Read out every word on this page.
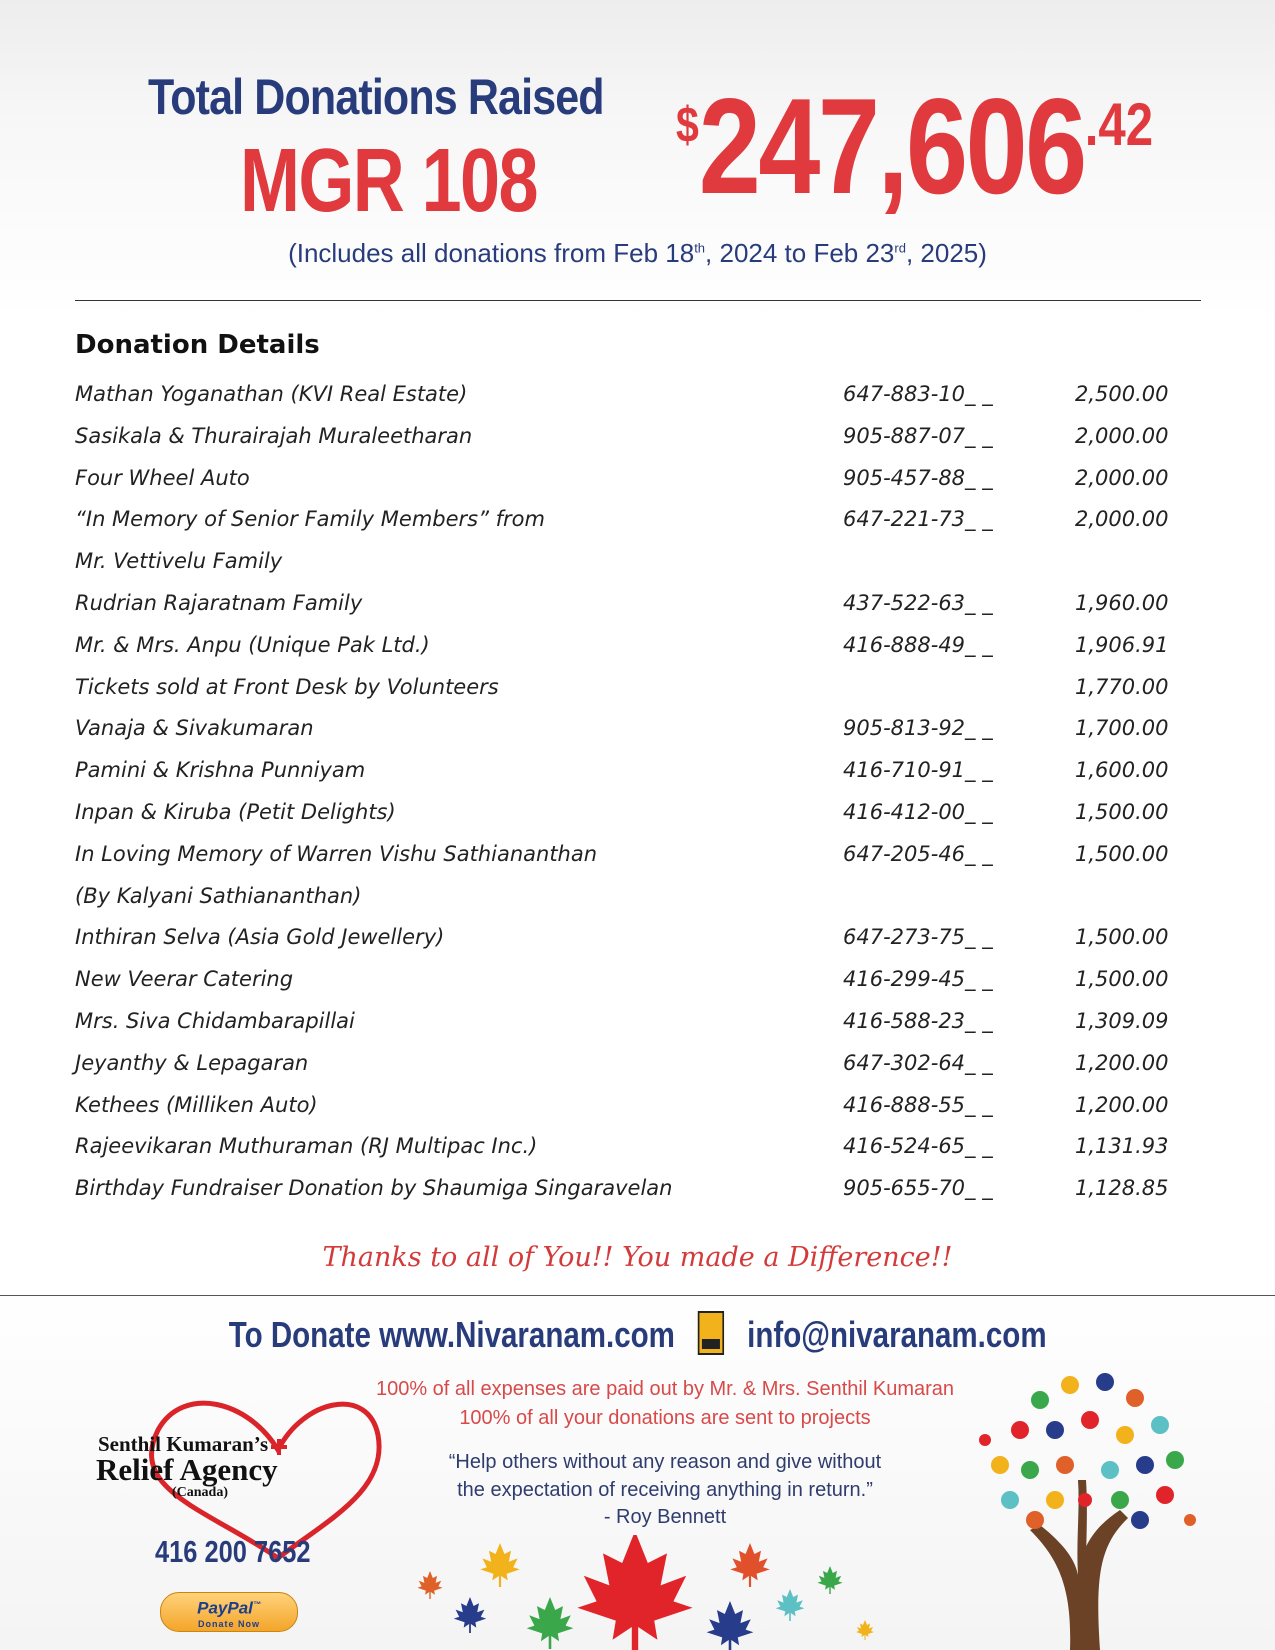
Total Donations Raised
MGR 108
$247,606.42
(Includes all donations from Feb 18th, 2024 to Feb 23rd, 2025)
Donation Details
Mathan Yoganathan (KVI Real Estate)	647-883-10_ _	2,500.00
Sasikala & Thurairajah Muraleetharan	905-887-07_ _	2,000.00
Four Wheel Auto	905-457-88_ _	2,000.00
“In Memory of Senior Family Members” from	647-221-73_ _	2,000.00
Mr. Vettivelu Family
Rudrian Rajaratnam Family	437-522-63_ _	1,960.00
Mr. & Mrs. Anpu (Unique Pak Ltd.)	416-888-49_ _	1,906.91
Tickets sold at Front Desk by Volunteers	1,770.00
Vanaja & Sivakumaran	905-813-92_ _	1,700.00
Pamini & Krishna Punniyam	416-710-91_ _	1,600.00
Inpan & Kiruba (Petit Delights)	416-412-00_ _	1,500.00
In Loving Memory of Warren Vishu Sathiananthan	647-205-46_ _	1,500.00
(By Kalyani Sathiananthan)
Inthiran Selva (Asia Gold Jewellery)	647-273-75_ _	1,500.00
New Veerar Catering	416-299-45_ _	1,500.00
Mrs. Siva Chidambarapillai	416-588-23_ _	1,309.09
Jeyanthy & Lepagaran	647-302-64_ _	1,200.00
Kethees (Milliken Auto)	416-888-55_ _	1,200.00
Rajeevikaran Muthuraman (RJ Multipac Inc.)	416-524-65_ _	1,131.93
Birthday Fundraiser Donation by Shaumiga Singaravelan	905-655-70_ _	1,128.85
Thanks to all of You!! You made a Difference!!
To Donate www.Nivaranam.com info@nivaranam.com
100% of all expenses are paid out by Mr. & Mrs. Senthil Kumaran
100% of all your donations are sent to projects
“Help others without any reason and give without
the expectation of receiving anything in return.”
- Roy Bennett
Senthil Kumaran’s
Relief Agency
(Canada)
416 200 7652
PayPal™
Donate Now
